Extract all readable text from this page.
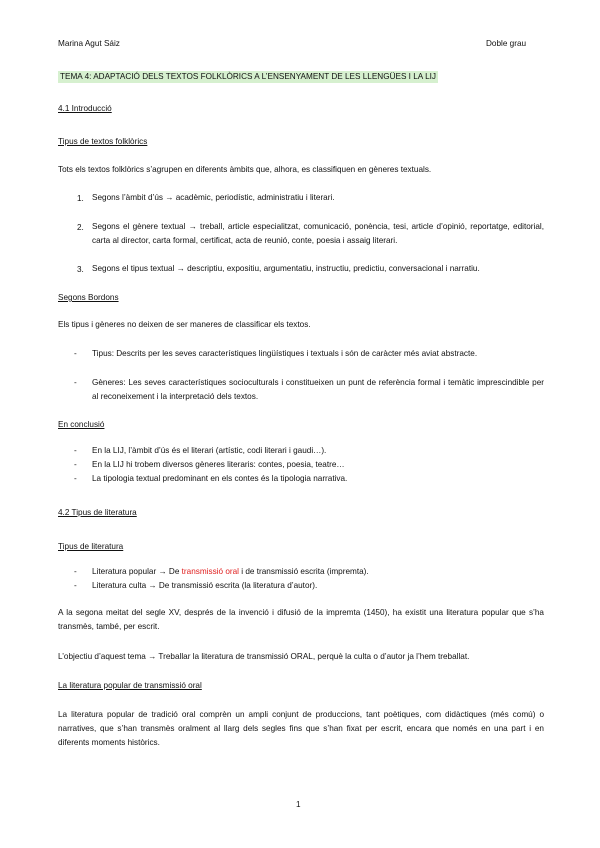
Marina Agut Sáiz	Doble grau
TEMA 4: ADAPTACIÓ DELS TEXTOS FOLKLÒRICS A L’ENSENYAMENT DE LES LLENGÜES I LA LIJ
4.1 Introducció
Tipus de textos folklòrics
Tots els textos folklòrics s’agrupen en diferents àmbits que, alhora, es classifiquen en gèneres textuals.
1. Segons l’àmbit d’ús → acadèmic, periodístic, administratiu i literari.
2. Segons el gènere textual → treball, article especialitzat, comunicació, ponència, tesi, article d’opinió, reportatge, editorial, carta al director, carta formal, certificat, acta de reunió, conte, poesia i assaig literari.
3. Segons el tipus textual → descriptiu, expositiu, argumentatiu, instructiu, predictiu, conversacional i narratiu.
Segons Bordons
Els tipus i gèneres no deixen de ser maneres de classificar els textos.
- Tipus: Descrits per les seves característiques lingüístiques i textuals i són de caràcter més aviat abstracte.
- Gèneres: Les seves característiques socioculturals i constitueixen un punt de referència formal i temàtic imprescindible per al reconeixement i la interpretació dels textos.
En conclusió
- En la LIJ, l’àmbit d’ús és el literari (artístic, codi literari i gaudi…).
- En la LIJ hi trobem diversos gèneres literaris: contes, poesia, teatre…
- La tipologia textual predominant en els contes és la tipologia narrativa.
4.2 Tipus de literatura
Tipus de literatura
- Literatura popular → De transmissió oral i de transmissió escrita (impremta).
- Literatura culta → De transmissió escrita (la literatura d’autor).
A la segona meitat del segle XV, després de la invenció i difusió de la impremta (1450), ha existit una literatura popular que s’ha transmès, també, per escrit.
L’objectiu d’aquest tema → Treballar la literatura de transmissió ORAL, perquè la culta o d’autor ja l’hem treballat.
La literatura popular de transmissió oral
La literatura popular de tradició oral comprèn un ampli conjunt de produccions, tant poètiques, com didàctiques (més comú) o narratives, que s’han transmès oralment al llarg dels segles fins que s’han fixat per escrit, encara que només en una part i en diferents moments històrics.
1
